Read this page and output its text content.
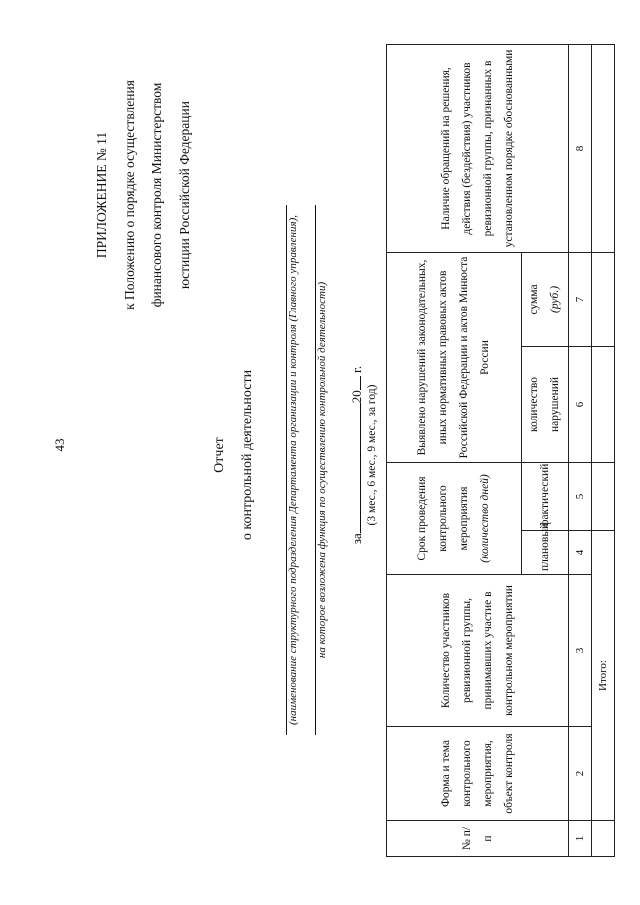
43
ПРИЛОЖЕНИЕ № 11 к Положению о порядке осуществления финансового контроля Министерством юстиции Российской Федерации
Отчет о контрольной деятельности	(наименование структурного подразделения Департамента организации и контроля (Главного управления), на которое возложена функция по осуществлению контрольной деятельности) за20 г.
(3 мес., 6 мес., 9 мес., за год)
№ п/п	Форма и тема контрольного мероприятия, объект контроля	Количество участников ревизионной группы, принимавших участие в контрольном мероприятии	Срок проведения контрольного мероприятия (количество дней)		Выявлено нарушений законодательных, иных нормативных правовых актов Российской Федерации и актов Минюста России		Наличие обращений на решения, действия (бездействия) участников ревизионной группы, признанных в установленном порядке обоснованными
			плановый	фактический	количество нарушений	сумма (руб.)	
1	2	3	4	5	6	7	8
	Итого:						
